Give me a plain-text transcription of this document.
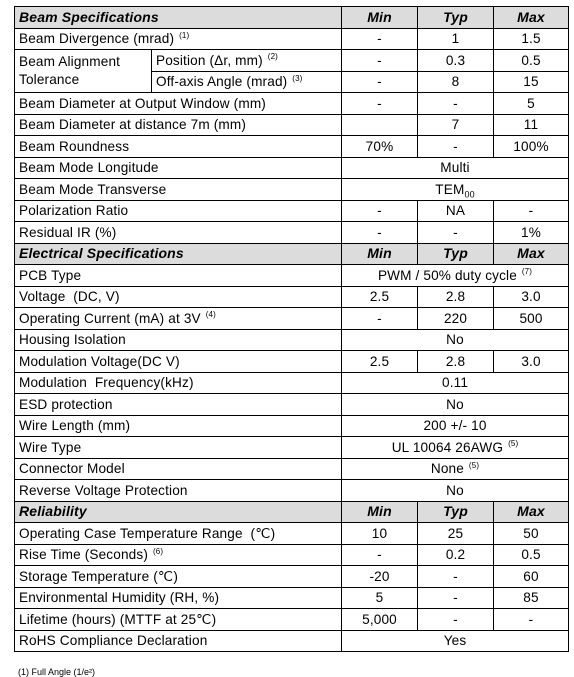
Beam Specifications		Min	Typ	Max
Beam Divergence (mrad) $^{(1)}$		-	1	1.5
Beam Alignment Tolerance	Position (Δr, mm) $^{(2)}$	-	0.3	0.5
	Off-axis Angle (mrad) $^{(3)}$	-	8	15
Beam Diameter at Output Window (mm)		-	-	5
Beam Diameter at distance 7m (mm)			7	11
Beam Roundness		70%	-	100%
Beam Mode Longitude		Multi		
Beam Mode Transverse		$TEM_{00}$
Polarization Ratio		-	NA	-
Residual IR (%)		-	-	1%
Electrical Specifications		Min	Typ	Max
PCB Type		PWM / 50% duty cycle $^{(7)}$
Voltage  (DC, V)		2.5	2.8	3.0
Operating Current (mA) at 3V $^{(4)}$		-	220	500
Housing Isolation		No		
Modulation Voltage(DC V)		2.5	2.8	3.0
Modulation  Frequency(kHz)		0.11		
ESD protection		No		
Wire Length (mm)		200 +/- 10		
Wire Type		UL 10064 26AWG $^{(5)}$
Connector Model		None $^{(5)}$
Reverse Voltage Protection		No		
Reliability		Min	Typ	Max
Operating Case Temperature Range  (℃)		10	25	50
Rise Time (Seconds) $^{(6)}$		-	0.2	0.5
Storage Temperature (℃)		-20	-	60
Environmental Humidity (RH, %)		5	-	85
Lifetime (hours) (MTTF at 25℃)		5,000	-	-
RoHS Compliance Declaration		Yes		
(1) Full Angle (1/e²)
